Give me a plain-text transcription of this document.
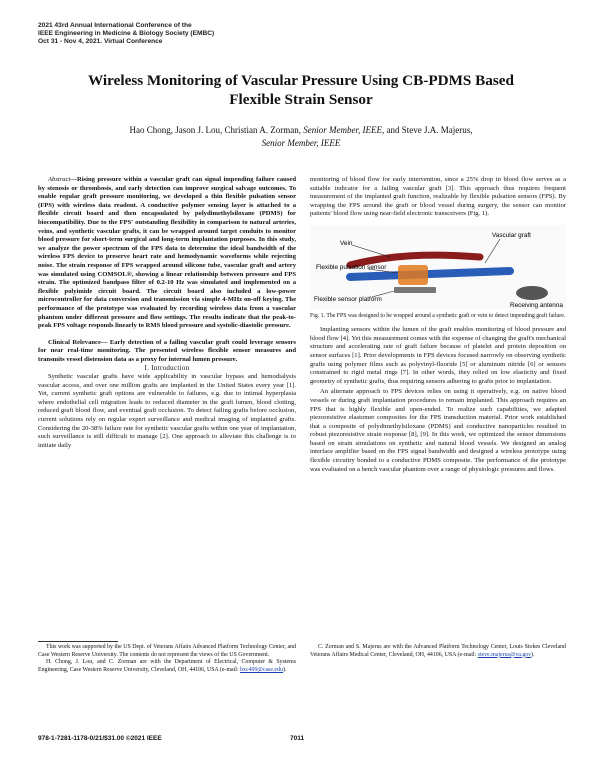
2021 43rd Annual International Conference of the
IEEE Engineering in Medicine & Biology Society (EMBC)
Oct 31 - Nov 4, 2021. Virtual Conference
Wireless Monitoring of Vascular Pressure Using CB-PDMS Based
Flexible Strain Sensor
Hao Chong, Jason J. Lou, Christian A. Zorman, Senior Member, IEEE, and Steve J.A. Majerus,
Senior Member, IEEE

Abstract—Rising pressure within a vascular graft can signal impending failure caused by stenosis or thrombosis, and early detection can improve surgical salvage outcomes. To enable regular graft pressure monitoring, we developed a thin flexible pulsation sensor (FPS) with wireless data readout. A conductive polymer sensing layer is attached to a flexible circuit board and then encapsulated by polydimethylsiloxane (PDMS) for biocompatibility. Due to the FPS' outstanding flexibility in comparison to natural arteries, veins, and synthetic vascular grafts, it can be wrapped around target conduits to monitor blood pressure for short-term surgical and long-term implantation purposes. In this study, we analyze the power spectrum of the FPS data to determine the ideal bandwidth of the wireless FPS device to preserve heart rate and hemodynamic waveforms while rejecting noise. The strain response of FPS wrapped around silicone tube, vascular graft and artery was simulated using COMSOL®, showing a linear relationship between pressure and FPS strain. The optimized bandpass filter of 0.2-10 Hz was simulated and implemented on a flexible polyimide circuit board. The circuit board also included a low-power microcontroller for data conversion and transmission via simple 4-MHz on-off keying. The performance of the prototype was evaluated by recording wireless data from a vascular phantom under different pressure and flow settings. The results indicate that the peak-to-peak FPS voltage responds linearly to RMS blood pressure and systolic-diastolic pressure.

Clinical Relevance— Early detection of a failing vascular graft could leverage sensors for near real-time monitoring. The presented wireless flexible sensor measures and transmits vessel distension data as a proxy for internal lumen pressure.

I. Introduction

Synthetic vascular grafts have wide applicability in vascular bypass and hemodialysis vascular access, and over one million grafts are implanted in the United States every year [1]. Yet, current synthetic graft options are vulnerable to failures, e.g. due to intimal hyperplasia where endothelial cell migration leads to reduced diameter in the graft lumen, blood clotting, reduced graft blood flow, and eventual graft occlusion. To detect failing grafts before occlusion, current solutions rely on regular expert surveillance and medical imaging of implanted grafts. Considering the 20-38% failure rate for synthetic vascular grafts within one year of implantation, such surveillance is still difficult to manage [2]. One approach to alleviate this challenge is to initiate daily

monitoring of blood flow for early intervention, since a 25% drop in blood flow serves as a suitable indicator for a failing vascular graft [3]. This approach thus requires frequent measurement of the implanted graft function, realizable by flexible pulsation sensors (FPS). By wrapping the FPS around the graft or blood vessel during surgery, the sensor can monitor patients' blood flow using near-field electronic transceivers (Fig. 1).

Vein
Vascular graft
Flexible pulsation sensor
Flexible sensor platform
Receiving antenna

Fig. 1. The FPS was designed to be wrapped around a synthetic graft or vein to detect impending graft failure.

Implanting sensors within the lumen of the graft enables monitoring of blood pressure and blood flow [4]. Yet this measurement comes with the expense of changing the graft's mechanical structure and accelerating rate of graft failure because of platelet and protein deposition on sensor surfaces [1]. Prior developments in FPS devices focused narrowly on observing synthetic grafts using polymer films such as polyvinyl-fluoride [5] or aluminum nitride [6] or sensors constrained to rigid metal rings [7]. In other words, they relied on low elasticity and fixed geometry of synthetic grafts, thus requiring sensors adhering to grafts prior to implantation.

An alternate approach to FPS devices relies on using it operatively, e.g. on native blood vessels or during graft implantation procedures to remain implanted. This approach requires an FPS that is highly flexible and open-ended. To realize such capabilities, we adapted piezoresistive elastomer composites for the FPS transduction material. Prior work established that a composite of polydimethylsiloxane (PDMS) and conductive nanoparticles resulted in robust piezoresistive strain response [8], [9]. In this work, we optimized the sensor dimensions based on strain simulations on synthetic and natural blood vessels. We designed an analog interface amplifier based on the FPS signal bandwidth and designed a wireless prototype using flexible circuitry bonded to a conductive PDMS composite. The performance of the prototype was evaluated on a bench vascular phantom over a range of physiologic pressures and flows.

This work was supported by the US Dept. of Veterans Affairs Advanced Platform Technology Center, and Case Western Reserve University. The contents do not represent the views of the US Government.

H. Chong, J. Lou, and C. Zorman are with the Department of Electrical, Computer & Systems Engineering, Case Western Reserve University, Cleveland, OH, 44106, USA (e-mail: hxc499@case.edu).

C. Zorman and S. Majerus are with the Advanced Platform Technology Center, Louis Stokes Cleveland Veterans Affairs Medical Center, Cleveland, OH, 44106, USA (e-mail: steve.majerus@va.gov).

978-1-7281-1178-0/21/$31.00 ©2021 IEEE	7011
